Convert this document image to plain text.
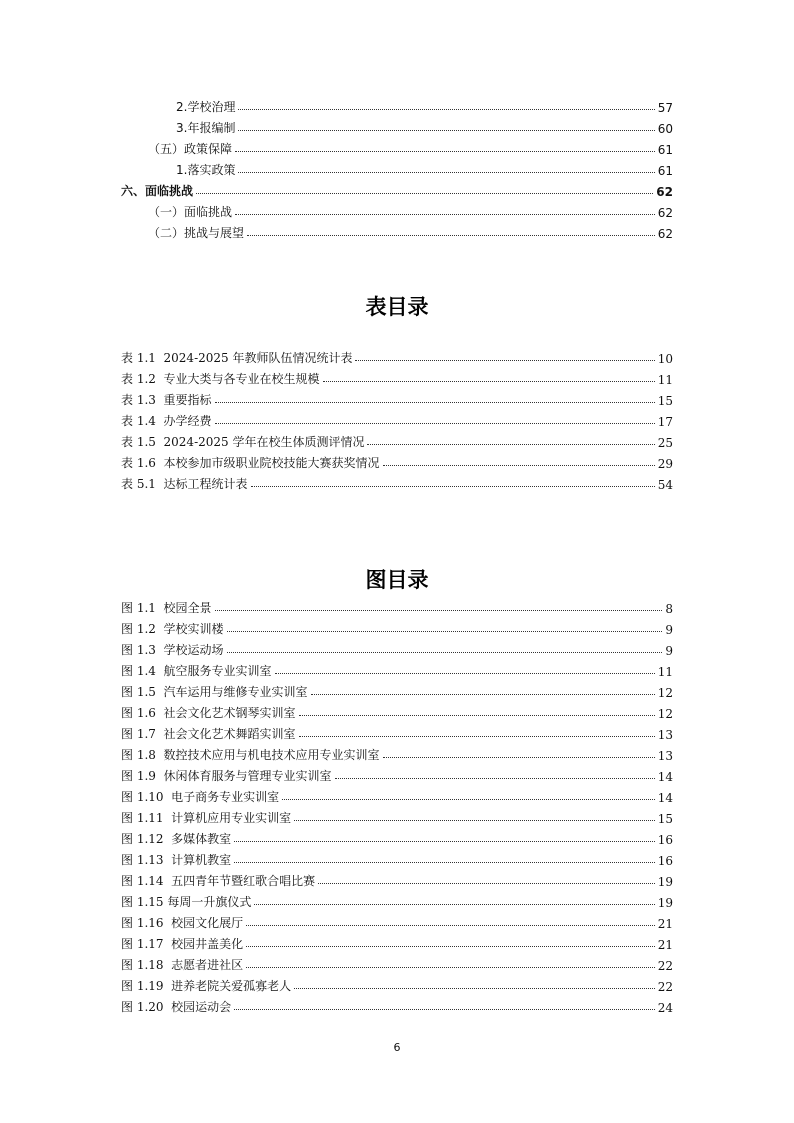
2.学校治理	57
3.年报编制	60
（五）政策保障	61
1.落实政策	61
六、面临挑战	62
（一）面临挑战	62
（二）挑战与展望	62
表目录
表 1.1  2024-2025 年教师队伍情况统计表	10
表 1.2  专业大类与各专业在校生规模	11
表 1.3  重要指标	15
表 1.4  办学经费	17
表 1.5  2024-2025 学年在校生体质测评情况	25
表 1.6  本校参加市级职业院校技能大赛获奖情况	29
表 5.1  达标工程统计表	54
图目录
图 1.1  校园全景	8
图 1.2  学校实训楼	9
图 1.3  学校运动场	9
图 1.4  航空服务专业实训室	11
图 1.5  汽车运用与维修专业实训室	12
图 1.6  社会文化艺术钢琴实训室	12
图 1.7  社会文化艺术舞蹈实训室	13
图 1.8  数控技术应用与机电技术应用专业实训室	13
图 1.9  休闲体育服务与管理专业实训室	14
图 1.10  电子商务专业实训室	14
图 1.11  计算机应用专业实训室	15
图 1.12  多媒体教室	16
图 1.13  计算机教室	16
图 1.14  五四青年节暨红歌合唱比赛	19
图 1.15 每周一升旗仪式	19
图 1.16  校园文化展厅	21
图 1.17  校园井盖美化	21
图 1.18  志愿者进社区	22
图 1.19  进养老院关爱孤寡老人	22
图 1.20  校园运动会	24
6
